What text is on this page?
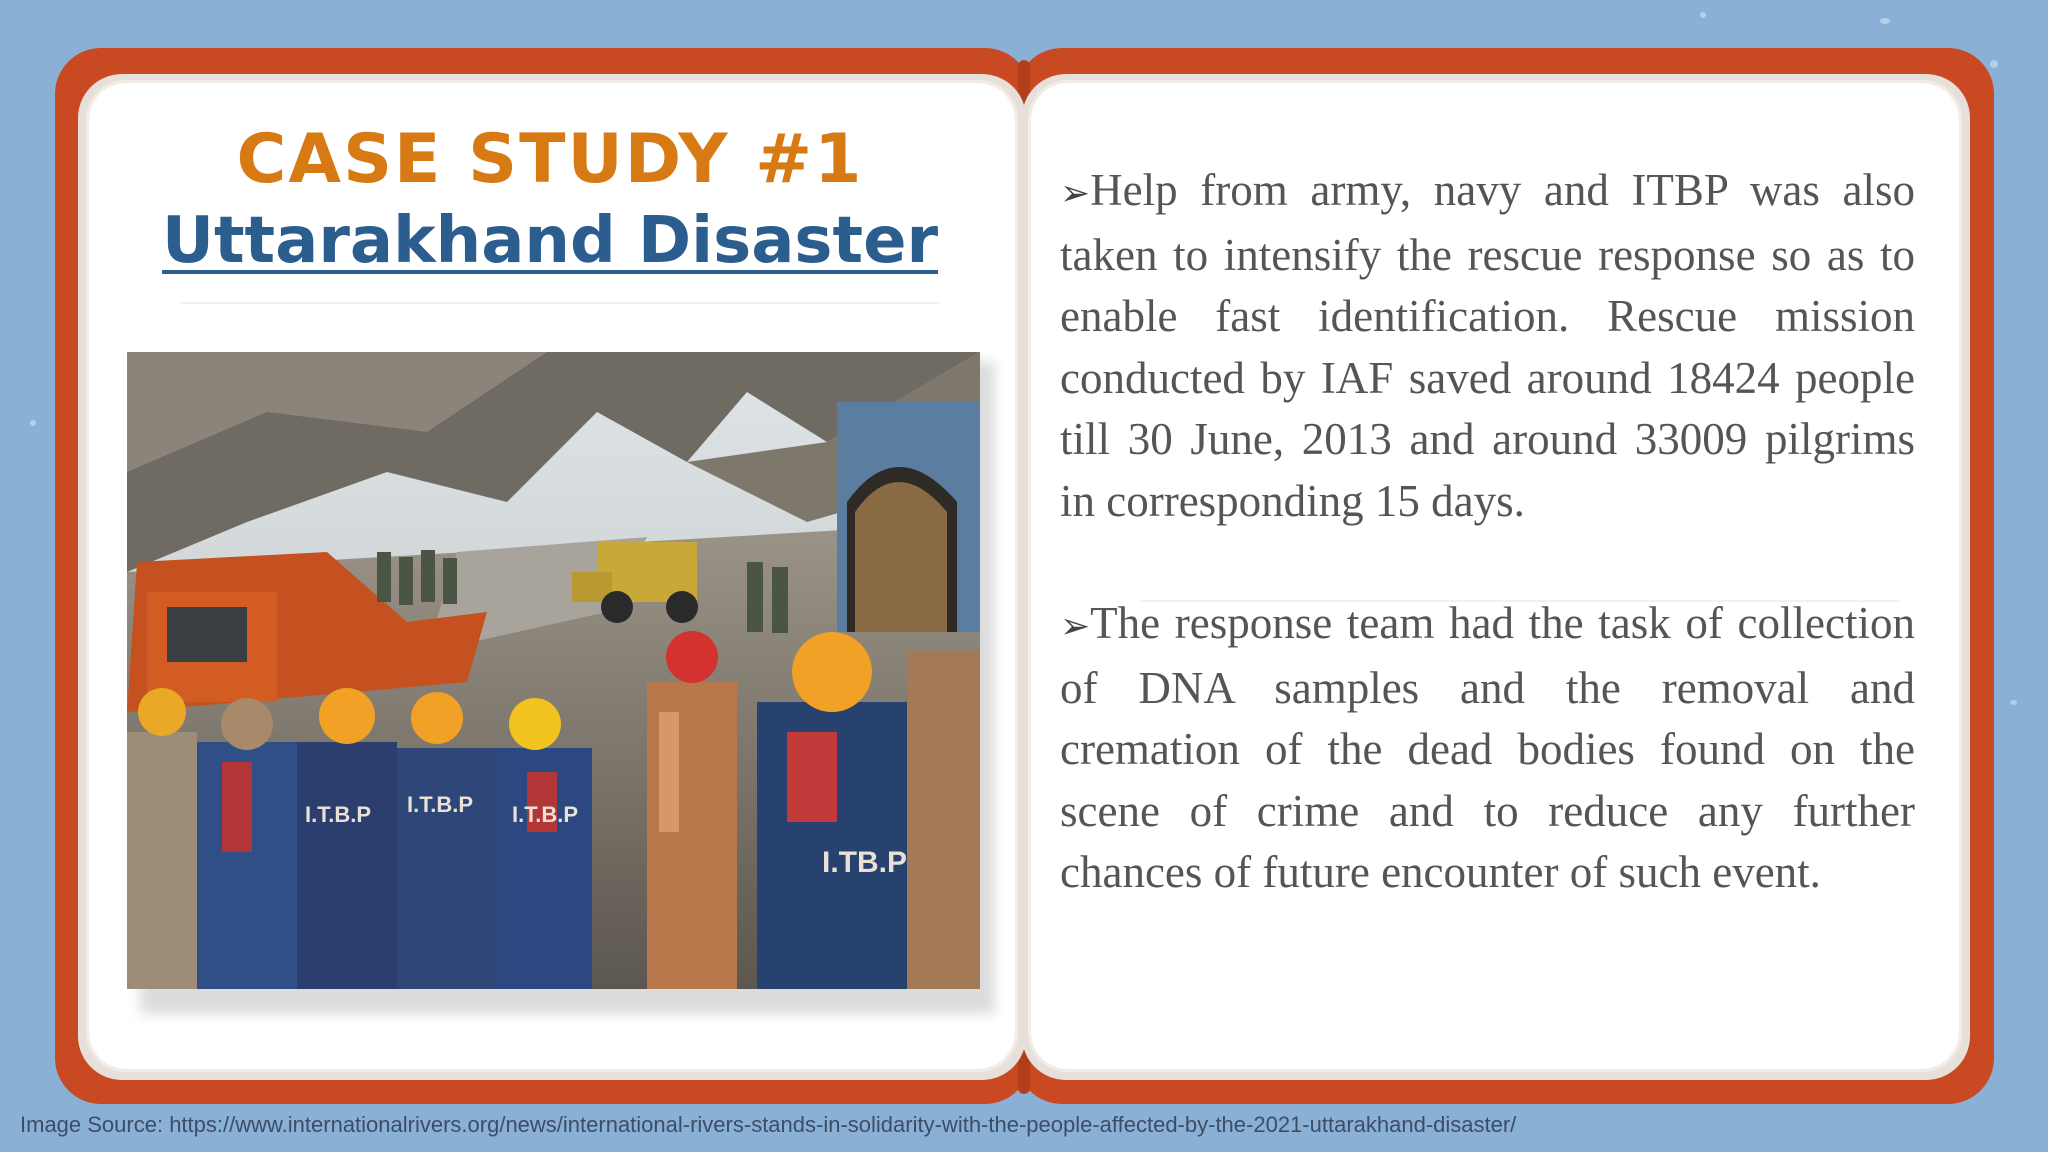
CASE STUDY #1
Uttarakhand Disaster
I.T.B.P I.T.B.P I.T.B.P
I.TB.P

➢Help from army, navy and ITBP was also taken to intensify the rescue response so as to enable fast identification. Rescue mission conducted by IAF saved around 18424 people till 30 June, 2013 and around 33009 pilgrims in corresponding 15 days.

➢The response team had the task of collection of DNA samples and the removal and cremation of the dead bodies found on the scene of crime and to reduce any further chances of future encounter of such event.

Image Source: https://www.internationalrivers.org/news/international-rivers-stands-in-solidarity-with-the-people-affected-by-the-2021-uttarakhand-disaster/
